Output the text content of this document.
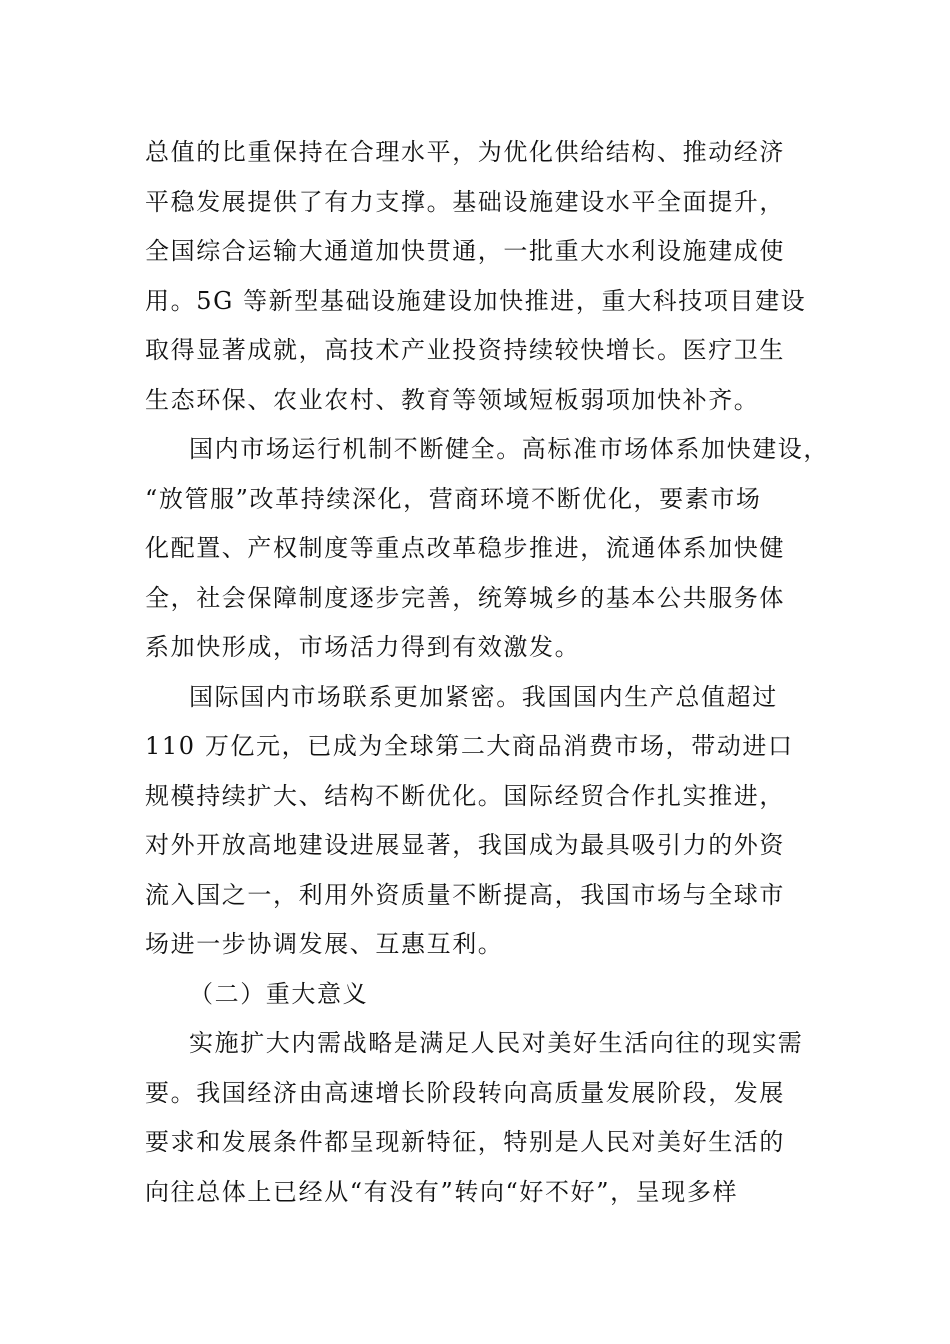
总值的比重保持在合理水平，为优化供给结构、推动经济
平稳发展提供了有力支撑。基础设施建设水平全面提升，
全国综合运输大通道加快贯通，一批重大水利设施建成使
用。5G 等新型基础设施建设加快推进，重大科技项目建设
取得显著成就，高技术产业投资持续较快增长。医疗卫生
生态环保、农业农村、教育等领域短板弱项加快补齐。
国内市场运行机制不断健全。高标准市场体系加快建设，
“放管服”改革持续深化，营商环境不断优化，要素市场
化配置、产权制度等重点改革稳步推进，流通体系加快健
全，社会保障制度逐步完善，统筹城乡的基本公共服务体
系加快形成，市场活力得到有效激发。
国际国内市场联系更加紧密。我国国内生产总值超过
110 万亿元，已成为全球第二大商品消费市场，带动进口
规模持续扩大、结构不断优化。国际经贸合作扎实推进，
对外开放高地建设进展显著，我国成为最具吸引力的外资
流入国之一，利用外资质量不断提高，我国市场与全球市
场进一步协调发展、互惠互利。
（二）重大意义
实施扩大内需战略是满足人民对美好生活向往的现实需
要。我国经济由高速增长阶段转向高质量发展阶段，发展
要求和发展条件都呈现新特征，特别是人民对美好生活的
向往总体上已经从“有没有”转向“好不好”，呈现多样
